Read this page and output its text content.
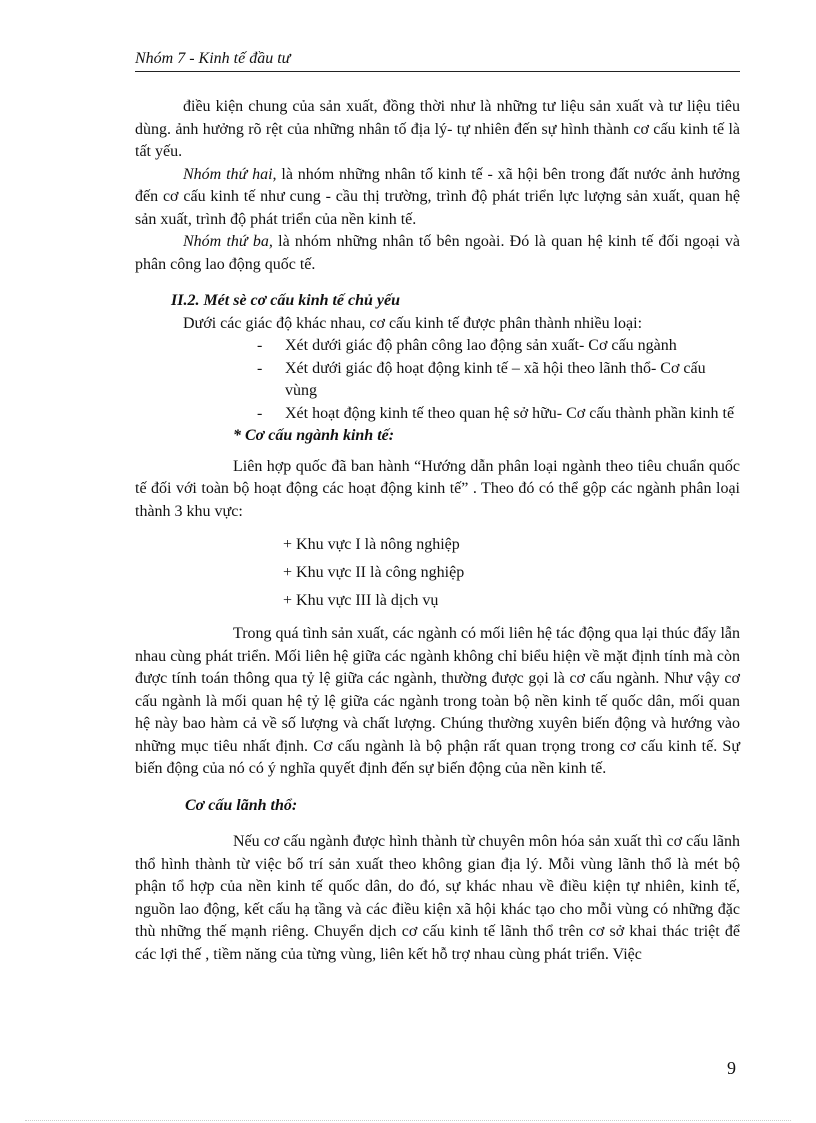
Nhóm 7 - Kinh tế đầu tư

điều kiện chung của sản xuất, đồng thời như là những tư liệu sản xuất và tư liệu tiêu dùng. ảnh hưởng rõ rệt của những nhân tố địa lý- tự nhiên đến sự hình thành cơ cấu kinh tế là tất yếu.

Nhóm thứ hai, là nhóm những nhân tố kinh tế - xã hội bên trong đất nước ảnh hưởng đến cơ cấu kinh tế như cung - cầu thị trường, trình độ phát triển lực lượng sản xuất, quan hệ sản xuất, trình độ phát triển của nền kinh tế.

Nhóm thứ ba, là nhóm những nhân tố bên ngoài. Đó là quan hệ kinh tế đối ngoại và phân công lao động quốc tế.

II.2. Mét sè cơ cấu kinh tế chủ yếu

Dưới các giác độ khác nhau, cơ cấu kinh tế được phân thành nhiều loại:

- Xét dưới giác độ phân công lao động sản xuất- Cơ cấu ngành
- Xét dưới giác độ hoạt động kinh tế – xã hội theo lãnh thổ- Cơ cấu vùng
- Xét hoạt động kinh tế theo quan hệ sở hữu- Cơ cấu thành phần kinh tế

* Cơ cấu ngành kinh tế:

Liên hợp quốc đã ban hành “Hướng dẫn phân loại ngành theo tiêu chuẩn quốc tế đối với toàn bộ hoạt động các hoạt động kinh tế” . Theo đó có thể gộp các ngành phân loại thành 3 khu vực:

+ Khu vực I là nông nghiệp

+ Khu vực II là công nghiệp

+ Khu vực III là dịch vụ

Trong quá tình sản xuất, các ngành có mối liên hệ tác động qua lại thúc đẩy lẫn nhau cùng phát triển. Mối liên hệ giữa các ngành không chỉ biểu hiện về mặt định tính mà còn được tính toán thông qua tỷ lệ giữa các ngành, thường được gọi là cơ cấu ngành. Như vậy cơ cấu ngành là mối quan hệ tỷ lệ giữa các ngành trong toàn bộ nền kinh tế quốc dân, mối quan hệ này bao hàm cả về số lượng và chất lượng. Chúng thường xuyên biến động và hướng vào những mục tiêu nhất định. Cơ cấu ngành là bộ phận rất quan trọng trong cơ cấu kinh tế. Sự biến động của nó có ý nghĩa quyết định đến sự biến động của nền kinh tế.

Cơ cấu lãnh thổ:

Nếu cơ cấu ngành được hình thành từ chuyên môn hóa sản xuất thì cơ cấu lãnh thổ hình thành từ việc bố trí sản xuất theo không gian địa lý. Mỗi vùng lãnh thổ là mét bộ phận tổ hợp của nền kinh tế quốc dân, do đó, sự khác nhau về điều kiện tự nhiên, kinh tế, nguồn lao động, kết cấu hạ tầng và các điều kiện xã hội khác tạo cho mỗi vùng có những đặc thù những thế mạnh riêng. Chuyển dịch cơ cấu kinh tế lãnh thổ trên cơ sở khai thác triệt để các lợi thế , tiềm năng của từng vùng, liên kết hỗ trợ nhau cùng phát triển. Việc

9
